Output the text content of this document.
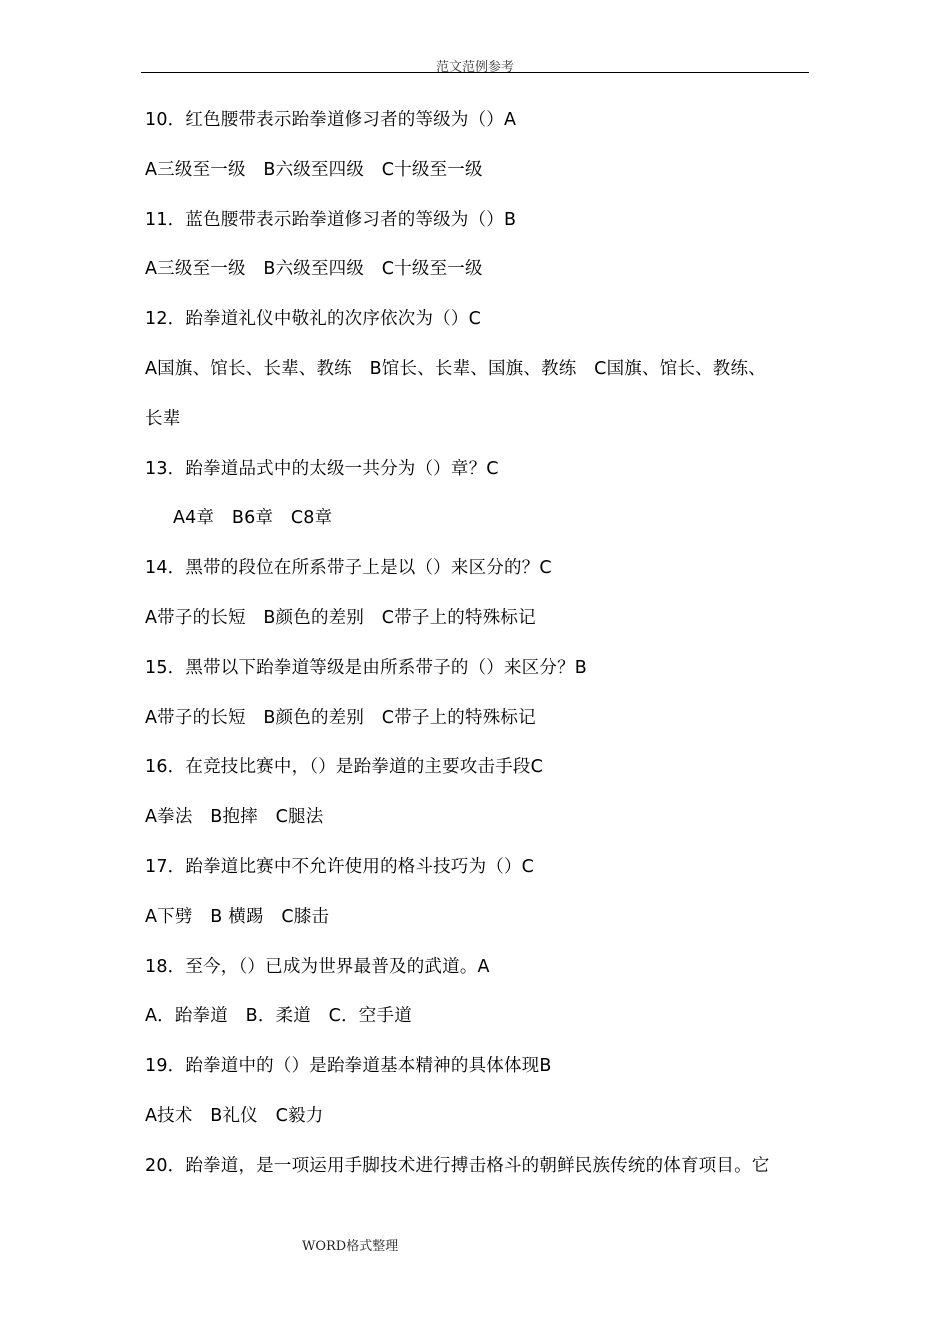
范文范例参考
10．红色腰带表示跆拳道修习者的等级为（）A
A三级至一级　B六级至四级　C十级至一级
11．蓝色腰带表示跆拳道修习者的等级为（）B
A三级至一级　B六级至四级　C十级至一级
12．跆拳道礼仪中敬礼的次序依次为（）C
A国旗、馆长、长辈、教练　B馆长、长辈、国旗、教练　C国旗、馆长、教练、
长辈
13．跆拳道品式中的太级一共分为（）章？C
A4章　B6章　C8章
14．黑带的段位在所系带子上是以（）来区分的？C
A带子的长短　B颜色的差别　C带子上的特殊标记
15．黑带以下跆拳道等级是由所系带子的（）来区分？B
A带子的长短　B颜色的差别　C带子上的特殊标记
16．在竞技比赛中，（）是跆拳道的主要攻击手段C
A拳法　B抱摔　C腿法
17．跆拳道比赛中不允许使用的格斗技巧为（）C
A下劈　B 横踢　C膝击
18．至今，（）已成为世界最普及的武道。A
A．跆拳道　B．柔道　C．空手道
19．跆拳道中的（）是跆拳道基本精神的具体体现B
A技术　B礼仪　C毅力
20．跆拳道，是一项运用手脚技术进行搏击格斗的朝鲜民族传统的体育项目。它
WORD格式整理
